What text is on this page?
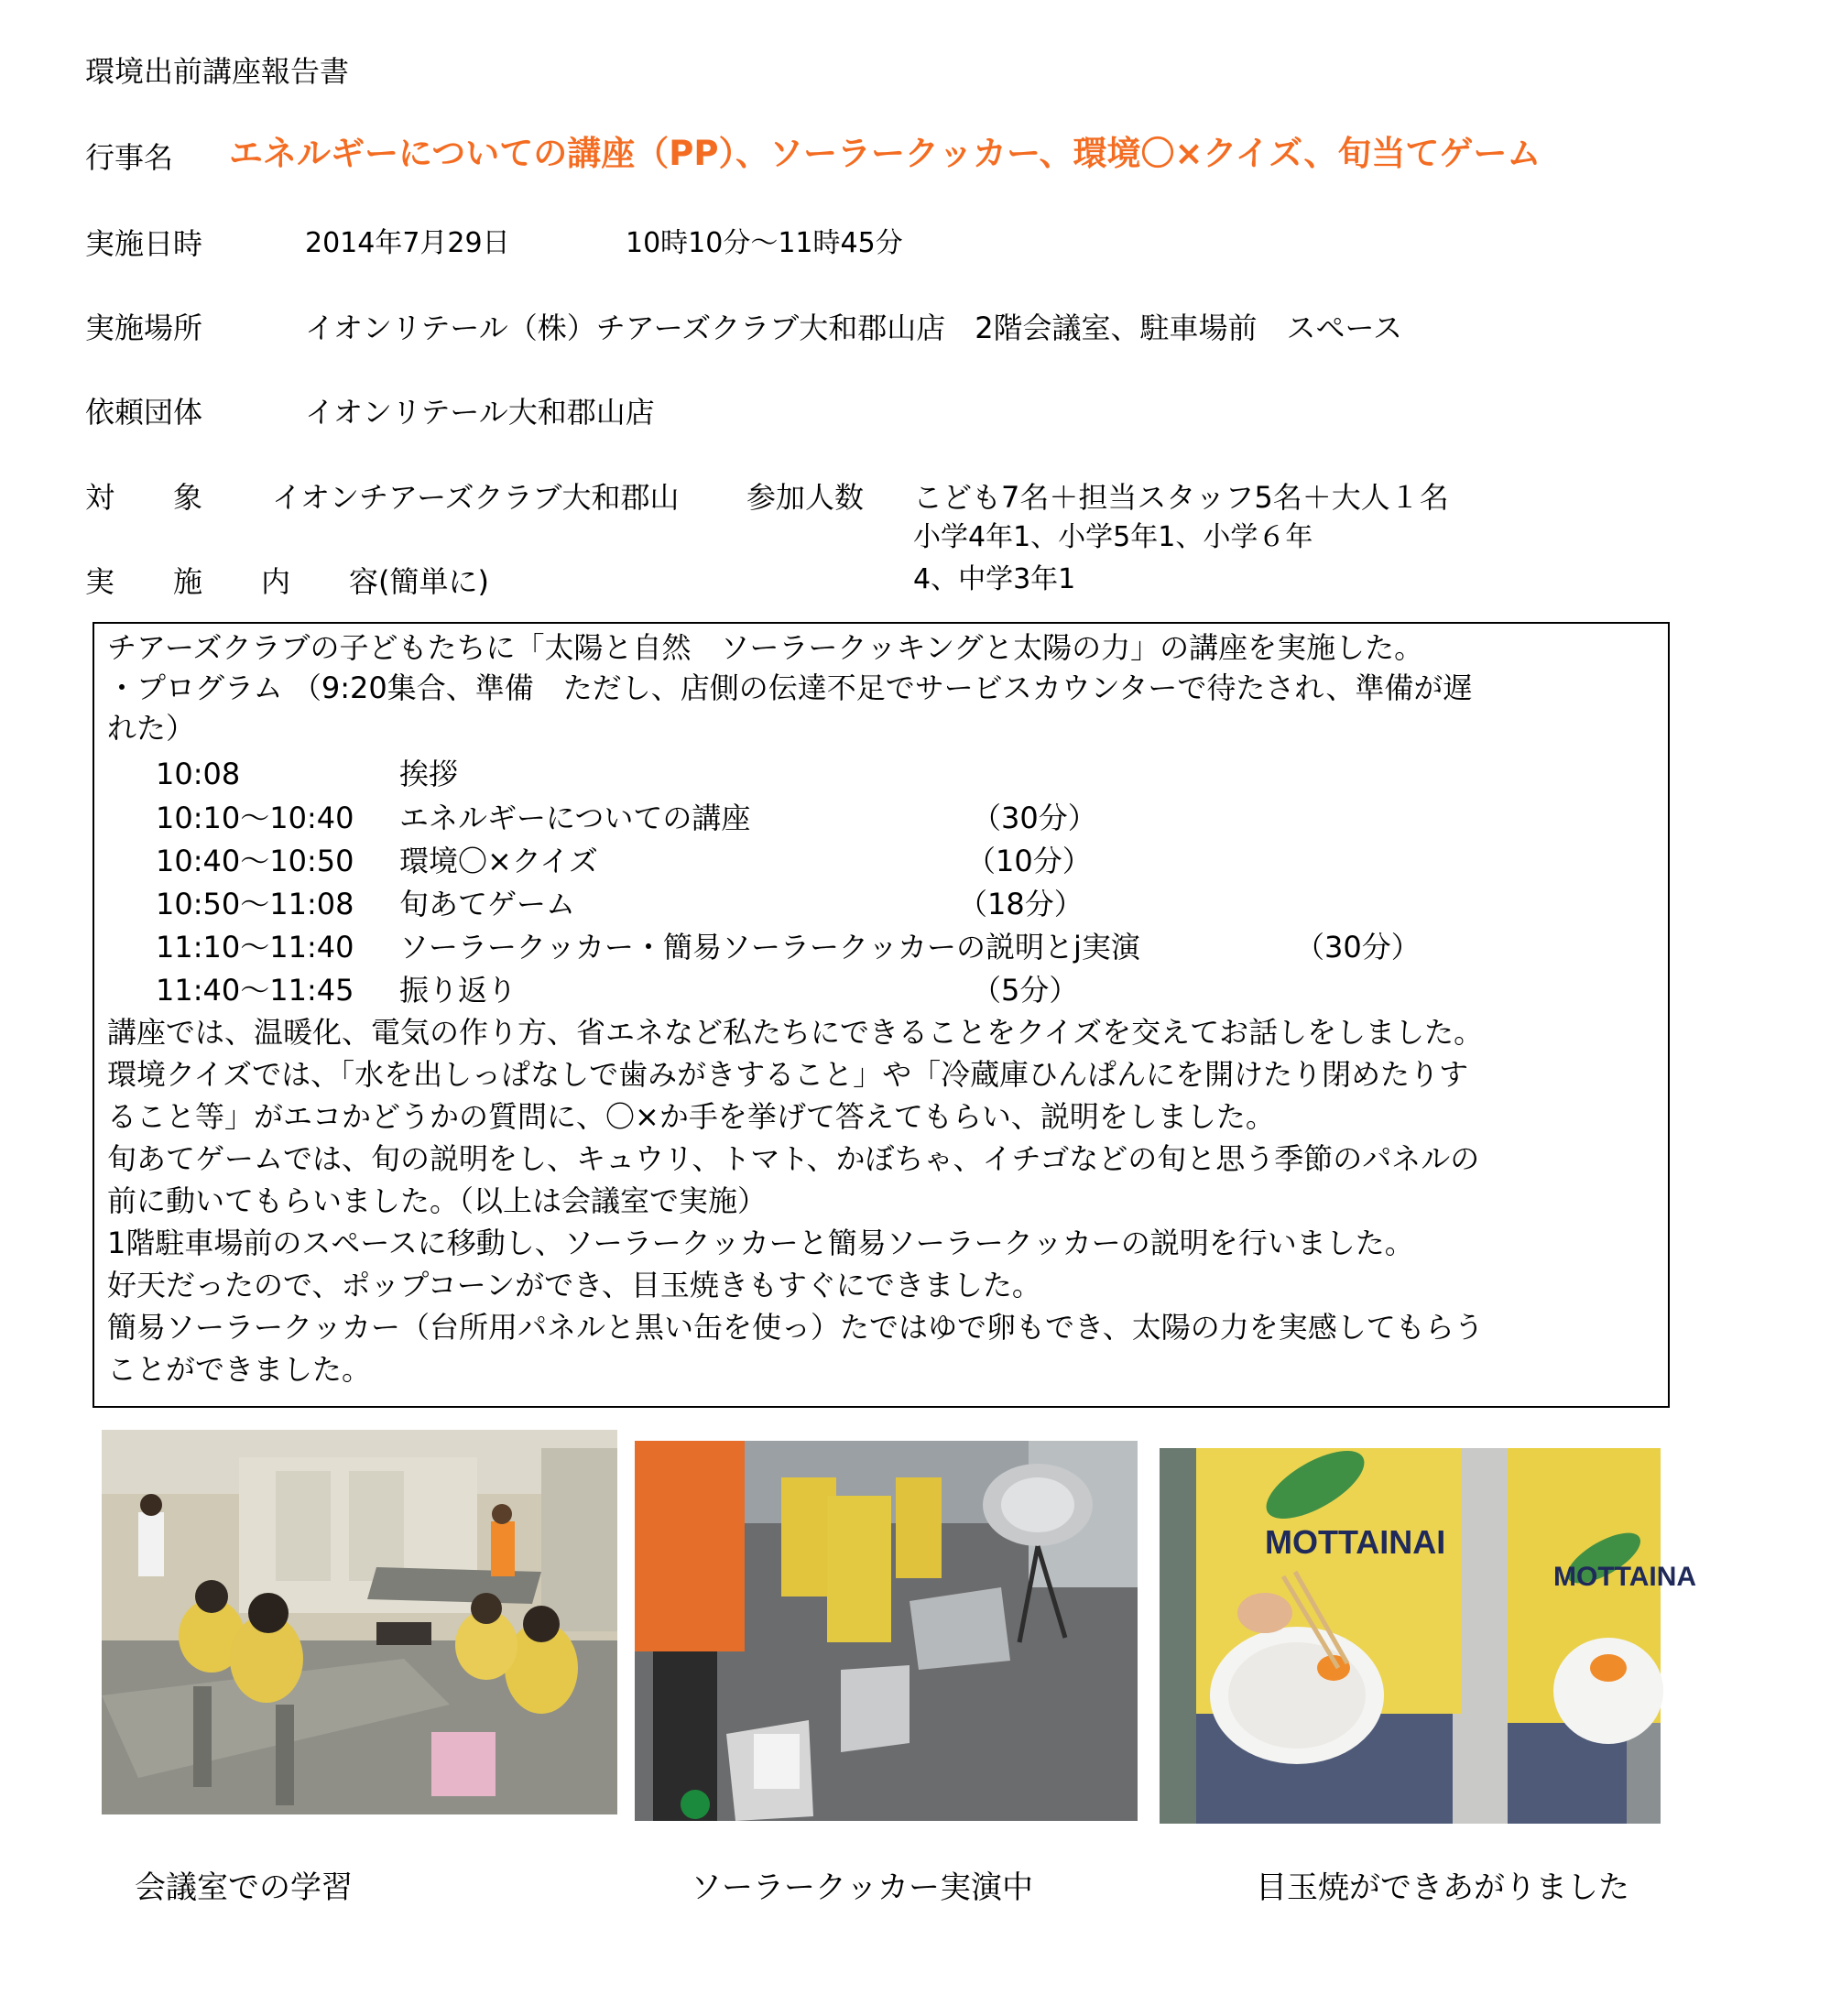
環境出前講座報告書
行事名 エネルギーについての講座（PP）、ソーラークッカー、環境〇×クイズ、旬当てゲーム
実施日時	2014年7月29日	10時10分～11時45分
実施場所	イオンリテール（株）チアーズクラブ大和郡山店　2階会議室、駐車場前　スペース
依頼団体	イオンリテール大和郡山店
対　　象 イオンチアーズクラブ大和郡山 参加人数 こども7名＋担当スタッフ5名＋大人１名
小学4年1、小学5年1、小学６年
4、中学3年1
実　　施　　内　　容(簡単に)
チアーズクラブの子どもたちに「太陽と自然　ソーラークッキングと太陽の力」の講座を実施した。
・プログラム （9:20集合、準備　ただし、店側の伝達不足でサービスカウンターで待たされ、準備が遅
れた）
10:08	挨拶
10:10～10:40 エネルギーについての講座	（30分）
10:40～10:50 環境〇×クイズ	（10分）
10:50～11:08 旬あてゲーム	（18分）
11:10～11:40 ソーラークッカー・簡易ソーラークッカーの説明とj実演	（30分）
11:40～11:45 振り返り	（5分）
講座では、温暖化、電気の作り方、省エネなど私たちにできることをクイズを交えてお話しをしました。
環境クイズでは、「水を出しっぱなしで歯みがきすること」や「冷蔵庫ひんぱんにを開けたり閉めたりす
ること等」がエコかどうかの質問に、〇×か手を挙げて答えてもらい、説明をしました。
旬あてゲームでは、旬の説明をし、キュウリ、トマト、かぼちゃ、イチゴなどの旬と思う季節のパネルの
前に動いてもらいました。（以上は会議室で実施）
1階駐車場前のスペースに移動し、ソーラークッカーと簡易ソーラークッカーの説明を行いました。
好天だったので、ポップコーンができ、目玉焼きもすぐにできました。
簡易ソーラークッカー（台所用パネルと黒い缶を使っ）たではゆで卵もでき、太陽の力を実感してもらう
ことができました。
MOTTAINAI
MOTTAINA
会議室での学習	ソーラークッカー実演中	目玉焼ができあがりました
